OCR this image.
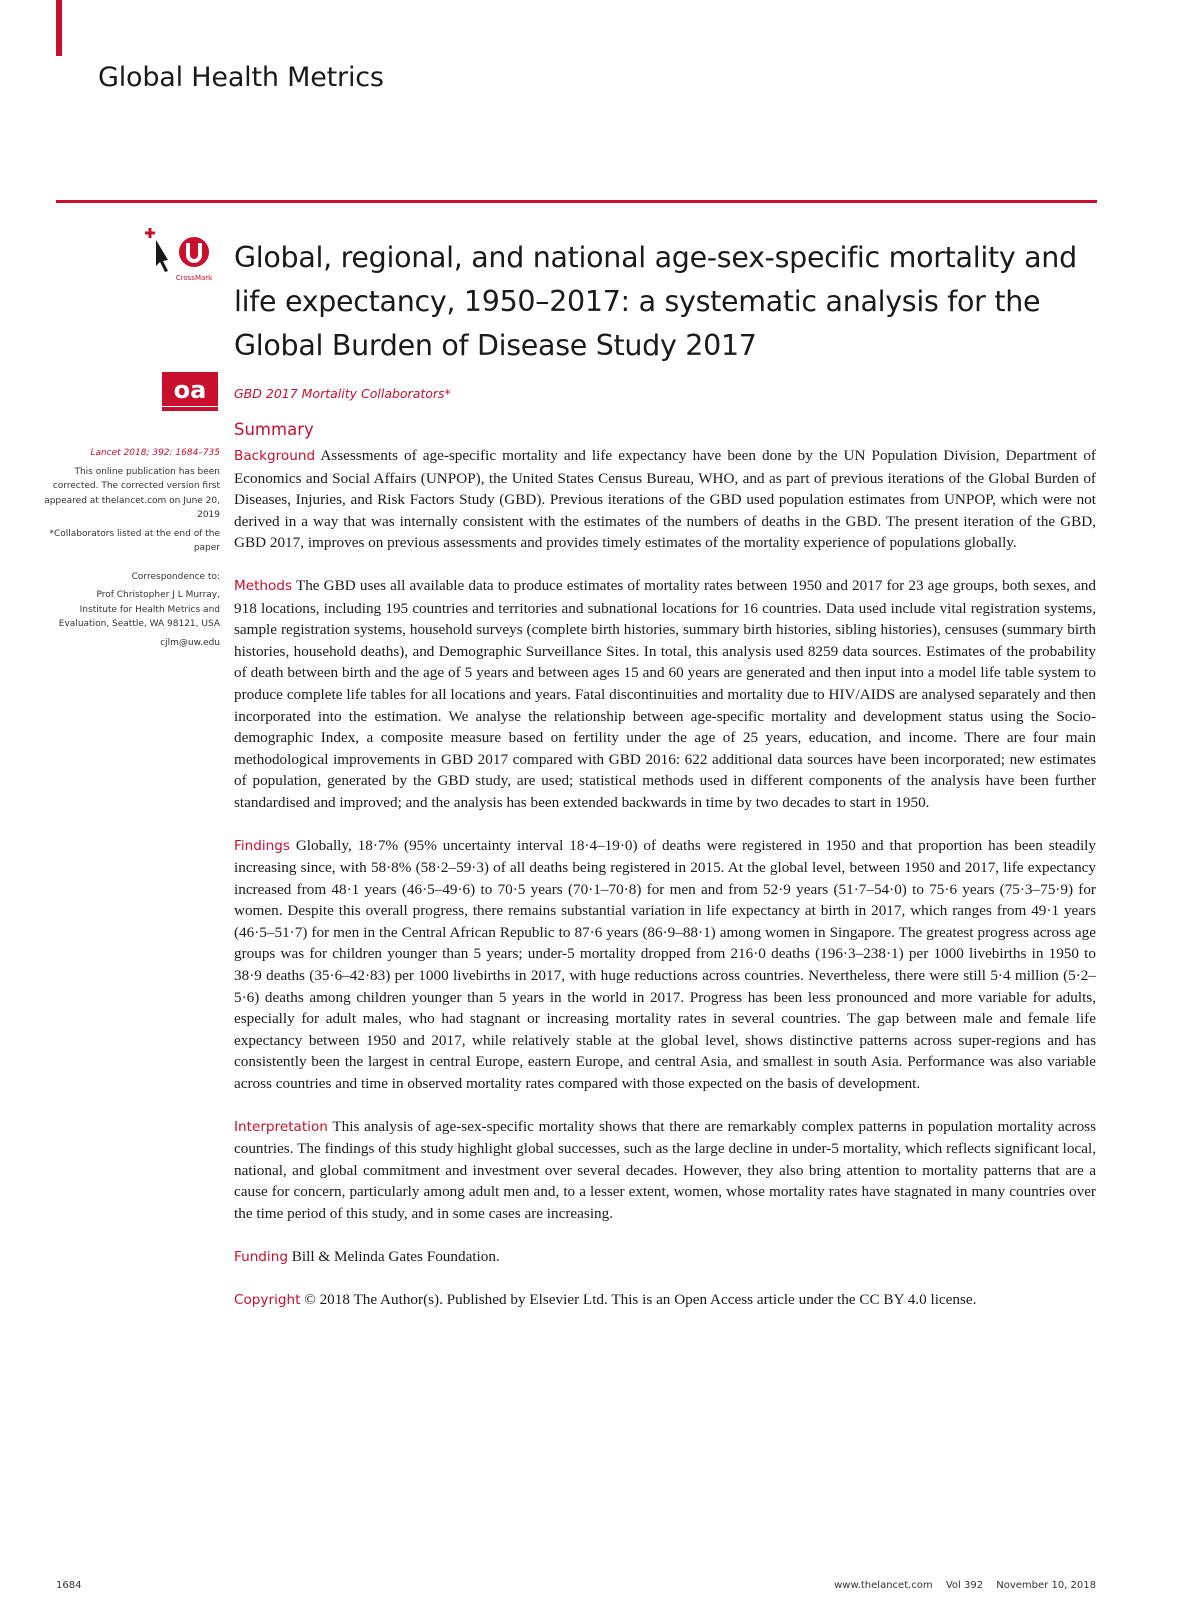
Global Health Metrics
CrossMark
oa
Global, regional, and national age-sex-specific mortality and life expectancy, 1950–2017: a systematic analysis for the Global Burden of Disease Study 2017
GBD 2017 Mortality Collaborators*
Summary

Lancet 2018; 392: 1684–735

This online publication has been corrected. The corrected version first appeared at thelancet.com on June 20, 2019

*Collaborators listed at the end of the paper

Correspondence to:

Prof Christopher J L Murray,

Institute for Health Metrics and Evaluation, Seattle, WA 98121, USA

cjlm@uw.edu

Background Assessments of age-specific mortality and life expectancy have been done by the UN Population Division, Department of Economics and Social Affairs (UNPOP), the United States Census Bureau, WHO, and as part of previous iterations of the Global Burden of Diseases, Injuries, and Risk Factors Study (GBD). Previous iterations of the GBD used population estimates from UNPOP, which were not derived in a way that was internally consistent with the estimates of the numbers of deaths in the GBD. The present iteration of the GBD, GBD 2017, improves on previous assessments and provides timely estimates of the mortality experience of populations globally.

Methods The GBD uses all available data to produce estimates of mortality rates between 1950 and 2017 for 23 age groups, both sexes, and 918 locations, including 195 countries and territories and subnational locations for 16 countries. Data used include vital registration systems, sample registration systems, household surveys (complete birth histories, summary birth histories, sibling histories), censuses (summary birth histories, household deaths), and Demographic Surveillance Sites. In total, this analysis used 8259 data sources. Estimates of the probability of death between birth and the age of 5 years and between ages 15 and 60 years are generated and then input into a model life table system to produce complete life tables for all locations and years. Fatal discontinuities and mortality due to HIV/AIDS are analysed separately and then incorporated into the estimation. We analyse the relationship between age-specific mortality and development status using the Socio-demographic Index, a composite measure based on fertility under the age of 25 years, education, and income. There are four main methodological improvements in GBD 2017 compared with GBD 2016: 622 additional data sources have been incorporated; new estimates of population, generated by the GBD study, are used; statistical methods used in different components of the analysis have been further standardised and improved; and the analysis has been extended backwards in time by two decades to start in 1950.

Findings Globally, 18·7% (95% uncertainty interval 18·4–19·0) of deaths were registered in 1950 and that proportion has been steadily increasing since, with 58·8% (58·2–59·3) of all deaths being registered in 2015. At the global level, between 1950 and 2017, life expectancy increased from 48·1 years (46·5–49·6) to 70·5 years (70·1–70·8) for men and from 52·9 years (51·7–54·0) to 75·6 years (75·3–75·9) for women. Despite this overall progress, there remains substantial variation in life expectancy at birth in 2017, which ranges from 49·1 years (46·5–51·7) for men in the Central African Republic to 87·6 years (86·9–88·1) among women in Singapore. The greatest progress across age groups was for children younger than 5 years; under-5 mortality dropped from 216·0 deaths (196·3–238·1) per 1000 livebirths in 1950 to 38·9 deaths (35·6–42·83) per 1000 livebirths in 2017, with huge reductions across countries. Nevertheless, there were still 5·4 million (5·2–5·6) deaths among children younger than 5 years in the world in 2017. Progress has been less pronounced and more variable for adults, especially for adult males, who had stagnant or increasing mortality rates in several countries. The gap between male and female life expectancy between 1950 and 2017, while relatively stable at the global level, shows distinctive patterns across super-regions and has consistently been the largest in central Europe, eastern Europe, and central Asia, and smallest in south Asia. Performance was also variable across countries and time in observed mortality rates compared with those expected on the basis of development.

Interpretation This analysis of age-sex-specific mortality shows that there are remarkably complex patterns in population mortality across countries. The findings of this study highlight global successes, such as the large decline in under-5 mortality, which reflects significant local, national, and global commitment and investment over several decades. However, they also bring attention to mortality patterns that are a cause for concern, particularly among adult men and, to a lesser extent, women, whose mortality rates have stagnated in many countries over the time period of this study, and in some cases are increasing.

Funding Bill & Melinda Gates Foundation.

Copyright © 2018 The Author(s). Published by Elsevier Ltd. This is an Open Access article under the CC BY 4.0 license.

1684	www.thelancet.com Vol 392 November 10, 2018
